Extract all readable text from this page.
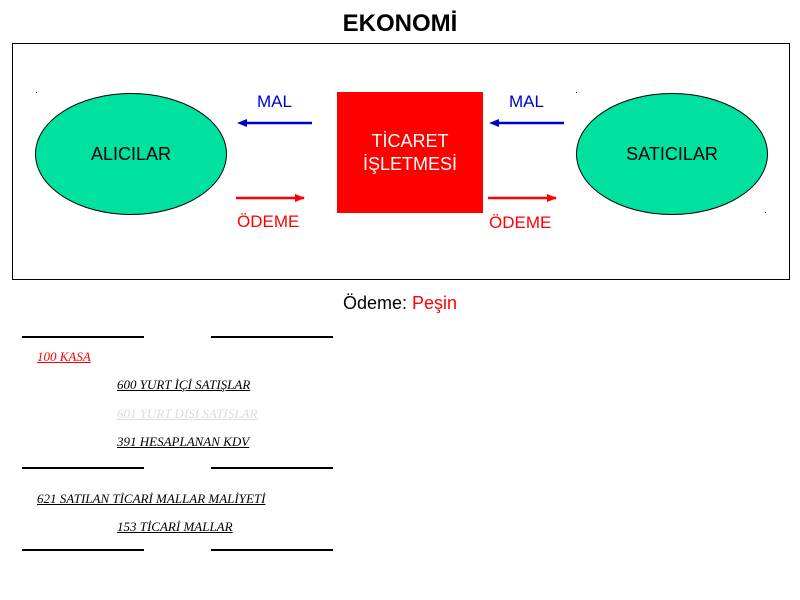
EKONOMİ
ALICILAR	SATICILAR
TİCARET
İŞLETMESİ
MAL	MAL
ÖDEME	ÖDEME
Ödeme: Peşin
100 KASA
600 YURT İÇİ SATIŞLAR
601 YURT DIŞI SATIŞLAR
391 HESAPLANAN KDV
621 SATILAN TİCARİ MALLAR MALİYETİ
153 TİCARİ MALLAR
